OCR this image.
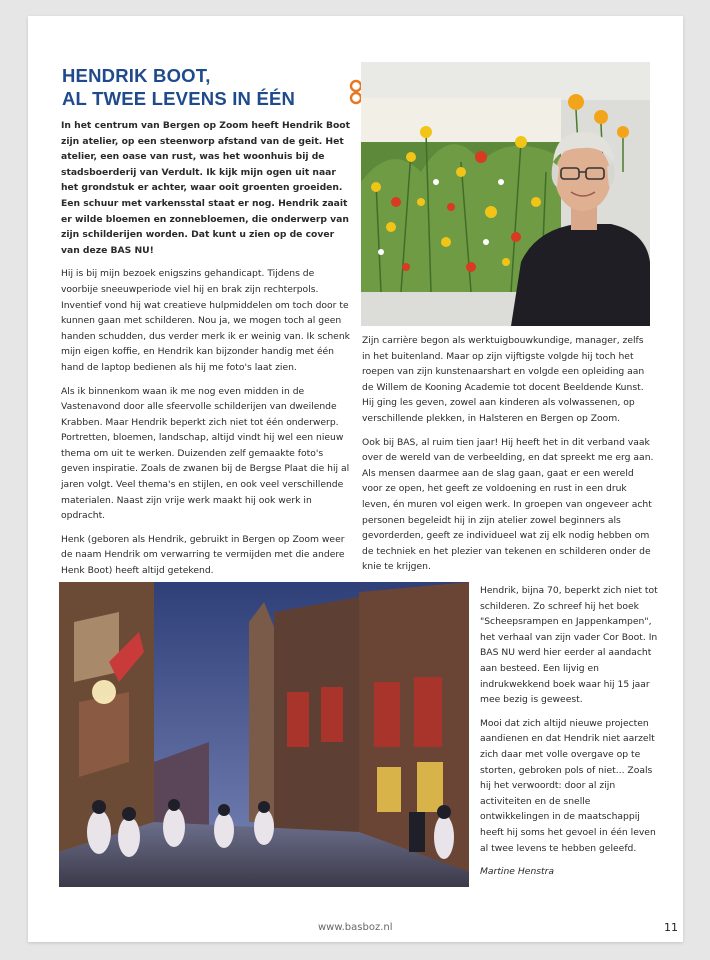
HENDRIK BOOT,
AL TWEE LEVENS IN ÉÉN

In het centrum van Bergen op Zoom heeft Hendrik Boot zijn atelier, op een steenworp afstand van de geit. Het atelier, een oase van rust, was het woonhuis bij de stadsboerderij van Verdult. Ik kijk mijn ogen uit naar het grondstuk er achter, waar ooit groenten groeiden. Een schuur met varkensstal staat er nog. Hendrik zaait er wilde bloemen en zonnebloemen, die onderwerp van zijn schilderijen worden. Dat kunt u zien op de cover van deze BAS NU!

Hij is bij mijn bezoek enigszins gehandicapt. Tijdens de voorbije sneeuwperiode viel hij en brak zijn rechterpols. Inventief vond hij wat creatieve hulpmiddelen om toch door te kunnen gaan met schilderen. Nou ja, we mogen toch al geen handen schudden, dus verder merk ik er weinig van. Ik schenk mijn eigen koffie, en Hendrik kan bijzonder handig met één hand de laptop bedienen als hij me foto's laat zien.

Als ik binnenkom waan ik me nog even midden in de Vastenavond door alle sfeervolle schilderijen van dweilende Krabben. Maar Hendrik beperkt zich niet tot één onderwerp. Portretten, bloemen, landschap, altijd vindt hij wel een nieuw thema om uit te werken. Duizenden zelf gemaakte foto's geven inspiratie. Zoals de zwanen bij de Bergse Plaat die hij al jaren volgt. Veel thema's en stijlen, en ook veel verschillende materialen. Naast zijn vrije werk maakt hij ook werk in opdracht.

Henk (geboren als Hendrik, gebruikt in Bergen op Zoom weer de naam Hendrik om verwarring te vermijden met die andere Henk Boot) heeft altijd getekend.

Zijn carrière begon als werktuigbouwkundige, manager, zelfs in het buitenland. Maar op zijn vijftigste volgde hij toch het roepen van zijn kunstenaarshart en volgde een opleiding aan de Willem de Kooning Academie tot docent Beeldende Kunst. Hij ging les geven, zowel aan kinderen als volwassenen, op verschillende plekken, in Halsteren en Bergen op Zoom.

Ook bij BAS, al ruim tien jaar! Hij heeft het in dit verband vaak over de wereld van de verbeelding, en dat spreekt me erg aan. Als mensen daarmee aan de slag gaan, gaat er een wereld voor ze open, het geeft ze voldoening en rust in een druk leven, én muren vol eigen werk. In groepen van ongeveer acht personen begeleidt hij in zijn atelier zowel beginners als gevorderden, geeft ze individueel wat zij elk nodig hebben om de techniek en het plezier van tekenen en schilderen onder de knie te krijgen.

Hendrik, bijna 70, beperkt zich niet tot schilderen. Zo schreef hij het boek "Scheepsrampen en Jappenkampen", het verhaal van zijn vader Cor Boot. In BAS NU werd hier eerder al aandacht aan besteed. Een lijvig en indrukwekkend boek waar hij 15 jaar mee bezig is geweest.

Mooi dat zich altijd nieuwe projecten aandienen en dat Hendrik niet aarzelt zich daar met volle overgave op te storten, gebroken pols of niet... Zoals hij het verwoordt: door al zijn activiteiten en de snelle ontwikkelingen in de maatschappij heeft hij soms het gevoel in één leven al twee levens te hebben geleefd.

Martine Henstra

www.basboz.nl	11
